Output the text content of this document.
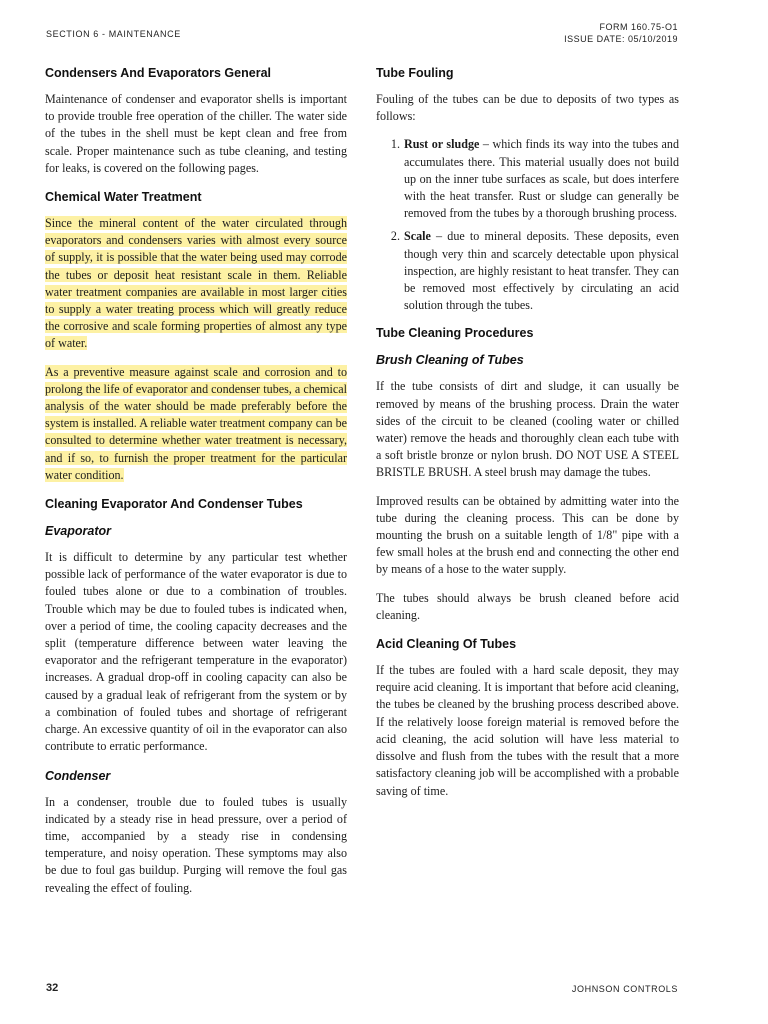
SECTION 6 - MAINTENANCE
FORM 160.75-O1
ISSUE DATE: 05/10/2019
Condensers And Evaporators General

Maintenance of condenser and evaporator shells is important to provide trouble free operation of the chiller. The water side of the tubes in the shell must be kept clean and free from scale. Proper maintenance such as tube cleaning, and testing for leaks, is covered on the following pages.

Chemical Water Treatment

Since the mineral content of the water circulated through evaporators and condensers varies with almost every source of supply, it is possible that the water being used may corrode the tubes or deposit heat resistant scale in them. Reliable water treatment companies are available in most larger cities to supply a water treating process which will greatly reduce the corrosive and scale forming properties of almost any type of water.

As a preventive measure against scale and corrosion and to prolong the life of evaporator and condenser tubes, a chemical analysis of the water should be made preferably before the system is installed. A reliable water treatment company can be consulted to determine whether water treatment is necessary, and if so, to furnish the proper treatment for the particular water condition.

Cleaning Evaporator And Condenser Tubes
Evaporator

It is difficult to determine by any particular test whether possible lack of performance of the water evaporator is due to fouled tubes alone or due to a combination of troubles. Trouble which may be due to fouled tubes is indicated when, over a period of time, the cooling capacity decreases and the split (temperature difference between water leaving the evaporator and the refrigerant temperature in the evaporator) increases. A gradual drop-off in cooling capacity can also be caused by a gradual leak of refrigerant from the system or by a combination of fouled tubes and shortage of refrigerant charge. An excessive quantity of oil in the evaporator can also contribute to erratic performance.

Condenser

In a condenser, trouble due to fouled tubes is usually indicated by a steady rise in head pressure, over a period of time, accompanied by a steady rise in condensing temperature, and noisy operation. These symptoms may also be due to foul gas buildup. Purging will remove the foul gas revealing the effect of fouling.

Tube Fouling

Fouling of the tubes can be due to deposits of two types as follows:

1. Rust or sludge – which finds its way into the tubes and accumulates there. This material usually does not build up on the inner tube surfaces as scale, but does interfere with the heat transfer. Rust or sludge can generally be removed from the tubes by a thorough brushing process.
2. Scale – due to mineral deposits. These deposits, even though very thin and scarcely detectable upon physical inspection, are highly resistant to heat transfer. They can be removed most effectively by circulating an acid solution through the tubes.
Tube Cleaning Procedures
Brush Cleaning of Tubes

If the tube consists of dirt and sludge, it can usually be removed by means of the brushing process. Drain the water sides of the circuit to be cleaned (cooling water or chilled water) remove the heads and thoroughly clean each tube with a soft bristle bronze or nylon brush. DO NOT USE A STEEL BRISTLE BRUSH. A steel brush may damage the tubes.

Improved results can be obtained by admitting water into the tube during the cleaning process. This can be done by mounting the brush on a suitable length of 1/8" pipe with a few small holes at the brush end and connecting the other end by means of a hose to the water supply.

The tubes should always be brush cleaned before acid cleaning.

Acid Cleaning Of Tubes

If the tubes are fouled with a hard scale deposit, they may require acid cleaning. It is important that before acid cleaning, the tubes be cleaned by the brushing process described above. If the relatively loose foreign material is removed before the acid cleaning, the acid solution will have less material to dissolve and flush from the tubes with the result that a more satisfactory cleaning job will be accomplished with a probable saving of time.

32	JOHNSON CONTROLS
